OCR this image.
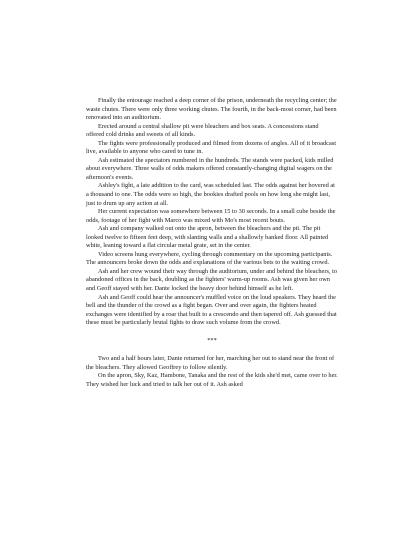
Finally the entourage reached a deep corner of the prison, underneath the recycling center; the waste chutes. There were only three working chutes. The fourth, in the back-most corner, had been renovated into an auditorium.

Erected around a central shallow pit were bleachers and box seats. A concessions stand offered cold drinks and sweets of all kinds.

The fights were professionally produced and filmed from dozens of angles. All of it broadcast live, available to anyone who cared to tune in.

Ash estimated the spectators numbered in the hundreds. The stands were packed, kids milled about everywhere. Three walls of odds makers offered constantly-changing digital wagers on the afternoon's events.

Ashley's fight, a late addition to the card, was scheduled last. The odds against her hovered at a thousand to one. The odds were so high, the bookies drafted pools on how long she might last, just to drum up any action at all.

Her current expectation was somewhere between 15 to 30 seconds. In a small cube beside the odds, footage of her fight with Marco was mixed with Mo's most recent bouts.

Ash and company walked out onto the apron, between the bleachers and the pit. The pit looked twelve to fifteen feet deep, with slanting walls and a shallowly banked floor. All painted white, leaning toward a flat circular metal grate, set in the center.

Video screens hung everywhere, cycling through commentary on the upcoming participants. The announcers broke down the odds and explanations of the various bets to the waiting crowd.

Ash and her crew wound their way through the auditorium, under and behind the bleachers, to abandoned offices in the back, doubling as the fighters' warm-up rooms. Ash was given her own and Geoff stayed with her. Dante locked the heavy door behind himself as he left.

Ash and Geoff could hear the announcer's muffled voice on the loud speakers. They heard the bell and the thunder of the crowd as a fight began. Over and over again, the fighters heated exchanges were identified by a roar that built to a crescendo and then tapered off. Ash guessed that these must be particularly brutal fights to draw such volume from the crowd.

***

Two and a half hours later, Dante returned for her, marching her out to stand near the front of the bleachers. They allowed Geoffrey to follow silently.

On the apron, Sky, Kaz, Hambone, Tanaka and the rest of the kids she'd met, came over to her. They wished her luck and tried to talk her out of it. Ash asked
